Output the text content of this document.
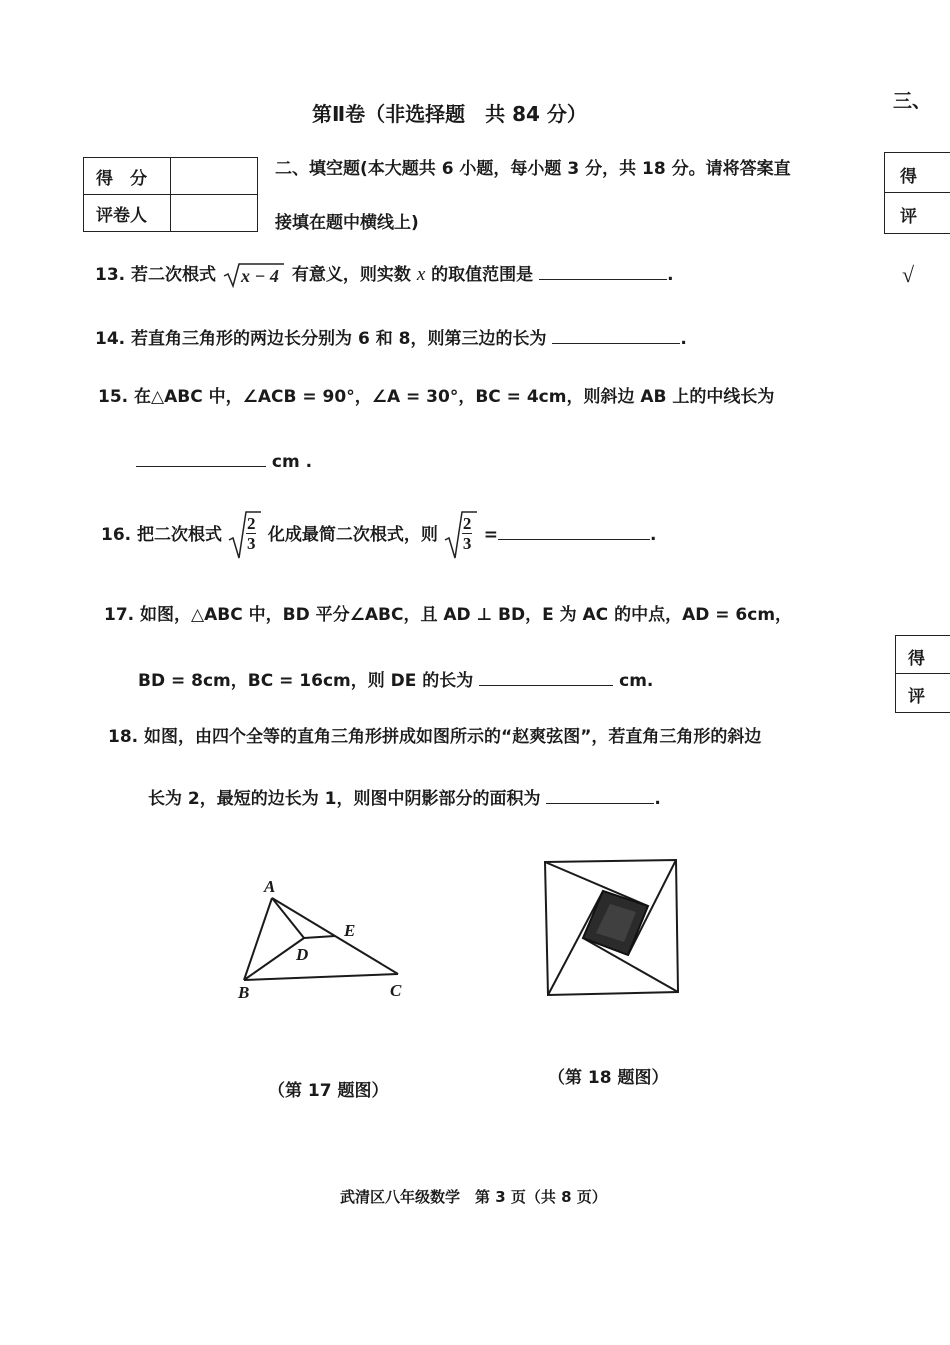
第Ⅱ卷（非选择题　共 84 分）
得　分	
评卷人	
二、填空题(本大题共 6 小题，每小题 3 分，共 18 分。请将答案直
接填在题中横线上)
13. 若二次根式 x − 4 有意义，则实数 x 的取值范围是	.
14. 若直角三角形的两边长分别为 6 和 8，则第三边的长为	.
15. 在△ABC 中，∠ACB = 90°，∠A = 30°，BC = 4cm，则斜边 AB 上的中线长为
cm .
16. 把二次根式 $\frac{2}{3}$ 化成最简二次根式，则 $\frac{2}{3}$ =	.
17. 如图，△ABC 中，BD 平分∠ABC，且 AD ⊥ BD，E 为 AC 的中点，AD = 6cm，
BD = 8cm，BC = 16cm，则 DE 的长为	cm.
18. 如图，由四个全等的直角三角形拼成如图所示的“赵爽弦图”，若直角三角形的斜边
长为 2，最短的边长为 1，则图中阴影部分的面积为	.
A
B	C
D
E
（第 17 题图）
（第 18 题图）
武清区八年级数学　第 3 页（共 8 页）
三、
得
评
√
得
评
